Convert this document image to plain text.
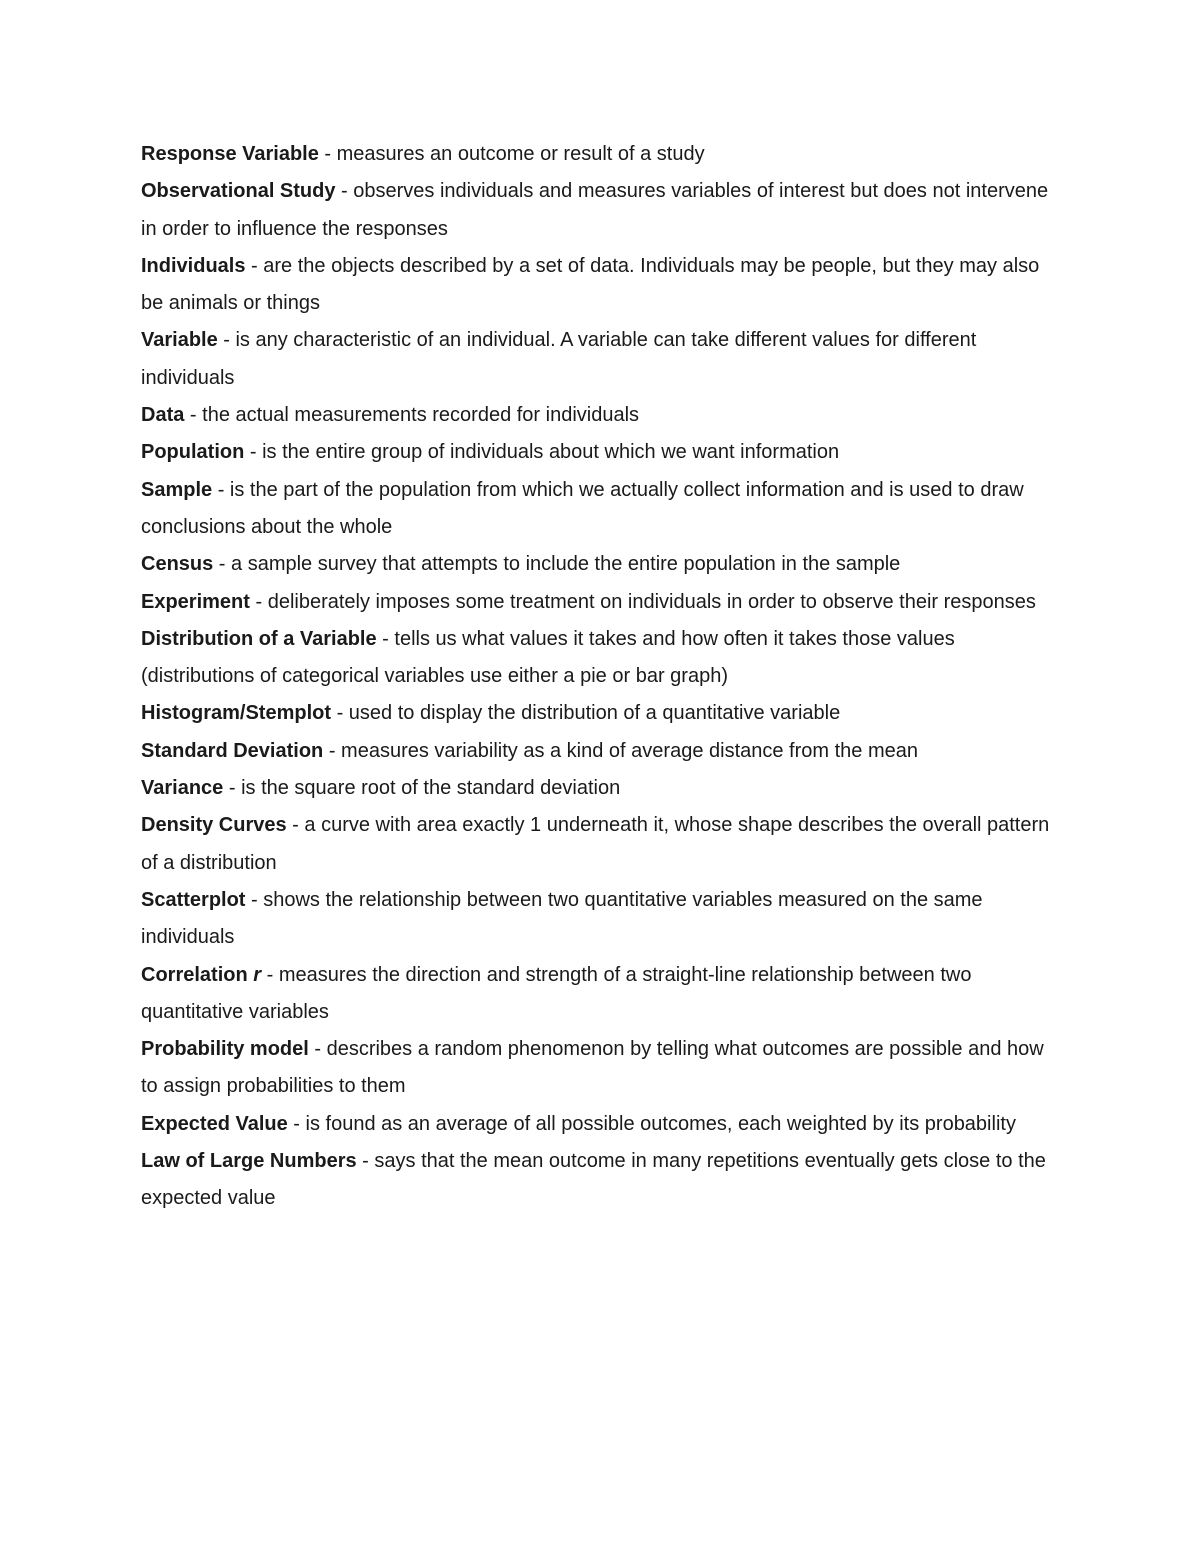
Response Variable - measures an outcome or result of a study

Observational Study - observes individuals and measures variables of interest but does not intervene in order to influence the responses

Individuals - are the objects described by a set of data. Individuals may be people, but they may also be animals or things

Variable - is any characteristic of an individual. A variable can take different values for different individuals

Data - the actual measurements recorded for individuals

Population - is the entire group of individuals about which we want information

Sample - is the part of the population from which we actually collect information and is used to draw conclusions about the whole

Census - a sample survey that attempts to include the entire population in the sample

Experiment - deliberately imposes some treatment on individuals in order to observe their responses

Distribution of a Variable - tells us what values it takes and how often it takes those values (distributions of categorical variables use either a pie or bar graph)

Histogram/Stemplot - used to display the distribution of a quantitative variable

Standard Deviation - measures variability as a kind of average distance from the mean

Variance - is the square root of the standard deviation

Density Curves - a curve with area exactly 1 underneath it, whose shape describes the overall pattern of a distribution

Scatterplot - shows the relationship between two quantitative variables measured on the same individuals

Correlation r - measures the direction and strength of a straight-line relationship between two quantitative variables

Probability model - describes a random phenomenon by telling what outcomes are possible and how to assign probabilities to them

Expected Value - is found as an average of all possible outcomes, each weighted by its probability

Law of Large Numbers - says that the mean outcome in many repetitions eventually gets close to the expected value
